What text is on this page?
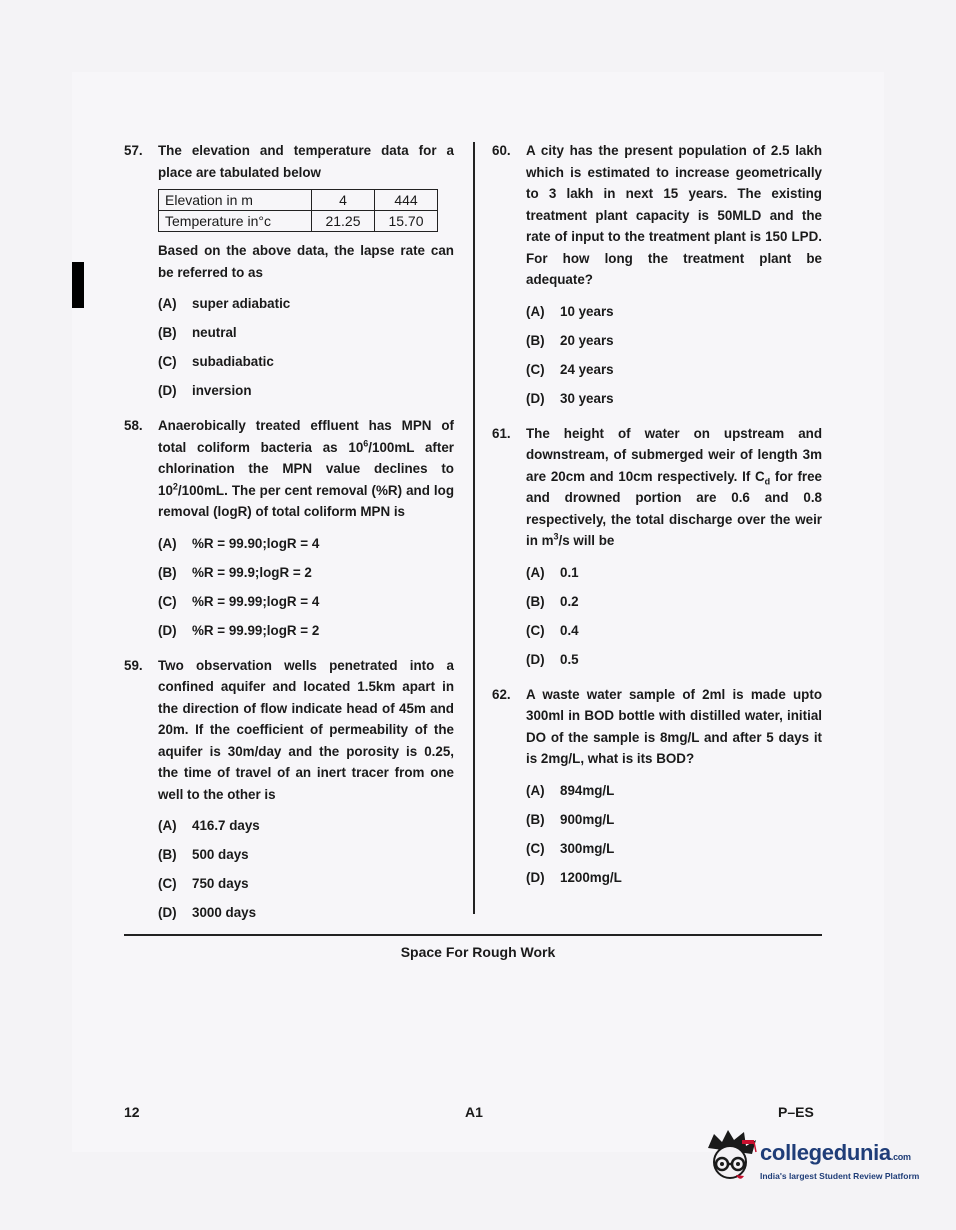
57. The elevation and temperature data for a place are tabulated below
Elevation in m	4	444
Temperature in°c	21.25	15.70
Based on the above data, the lapse rate can be referred to as
(A) super adiabatic
(B) neutral
(C) subadiabatic
(D) inversion
58. Anaerobically treated effluent has MPN of total coliform bacteria as $10^6/100mL$ after chlorination the MPN value declines to $10^2/100mL$. The per cent removal (%R) and log removal (logR) of total coliform MPN is
(A) %R = 99.90;logR = 4
(B) %R = 99.9;logR = 2
(C) %R = 99.99;logR = 4
(D) %R = 99.99;logR = 2
59. Two observation wells penetrated into a confined aquifer and located 1.5km apart in the direction of flow indicate head of 45m and 20m. If the coefficient of permeability of the aquifer is 30m/day and the porosity is 0.25, the time of travel of an inert tracer from one well to the other is
(A) 416.7 days
(B) 500 days
(C) 750 days
(D) 3000 days
60. A city has the present population of 2.5 lakh which is estimated to increase geometrically to 3 lakh in next 15 years. The existing treatment plant capacity is 50MLD and the rate of input to the treatment plant is 150 LPD. For how long the treatment plant be adequate?
(A) 10 years
(B) 20 years
(C) 24 years
(D) 30 years
61. The height of water on upstream and downstream, of submerged weir of length 3m are 20cm and 10cm respectively. If $C_d$ for free and drowned portion are 0.6 and 0.8 respectively, the total discharge over the weir in $m^3/s$ will be
(A) 0.1
(B) 0.2
(C) 0.4
(D) 0.5
62. A waste water sample of 2ml is made upto 300ml in BOD bottle with distilled water, initial DO of the sample is 8mg/L and after 5 days it is 2mg/L, what is its BOD?
(A) 894mg/L
(B) 900mg/L
(C) 300mg/L
(D) 1200mg/L
Space For Rough Work
12	A1	P–ES
collegedunia.com
India's largest Student Review Platform
